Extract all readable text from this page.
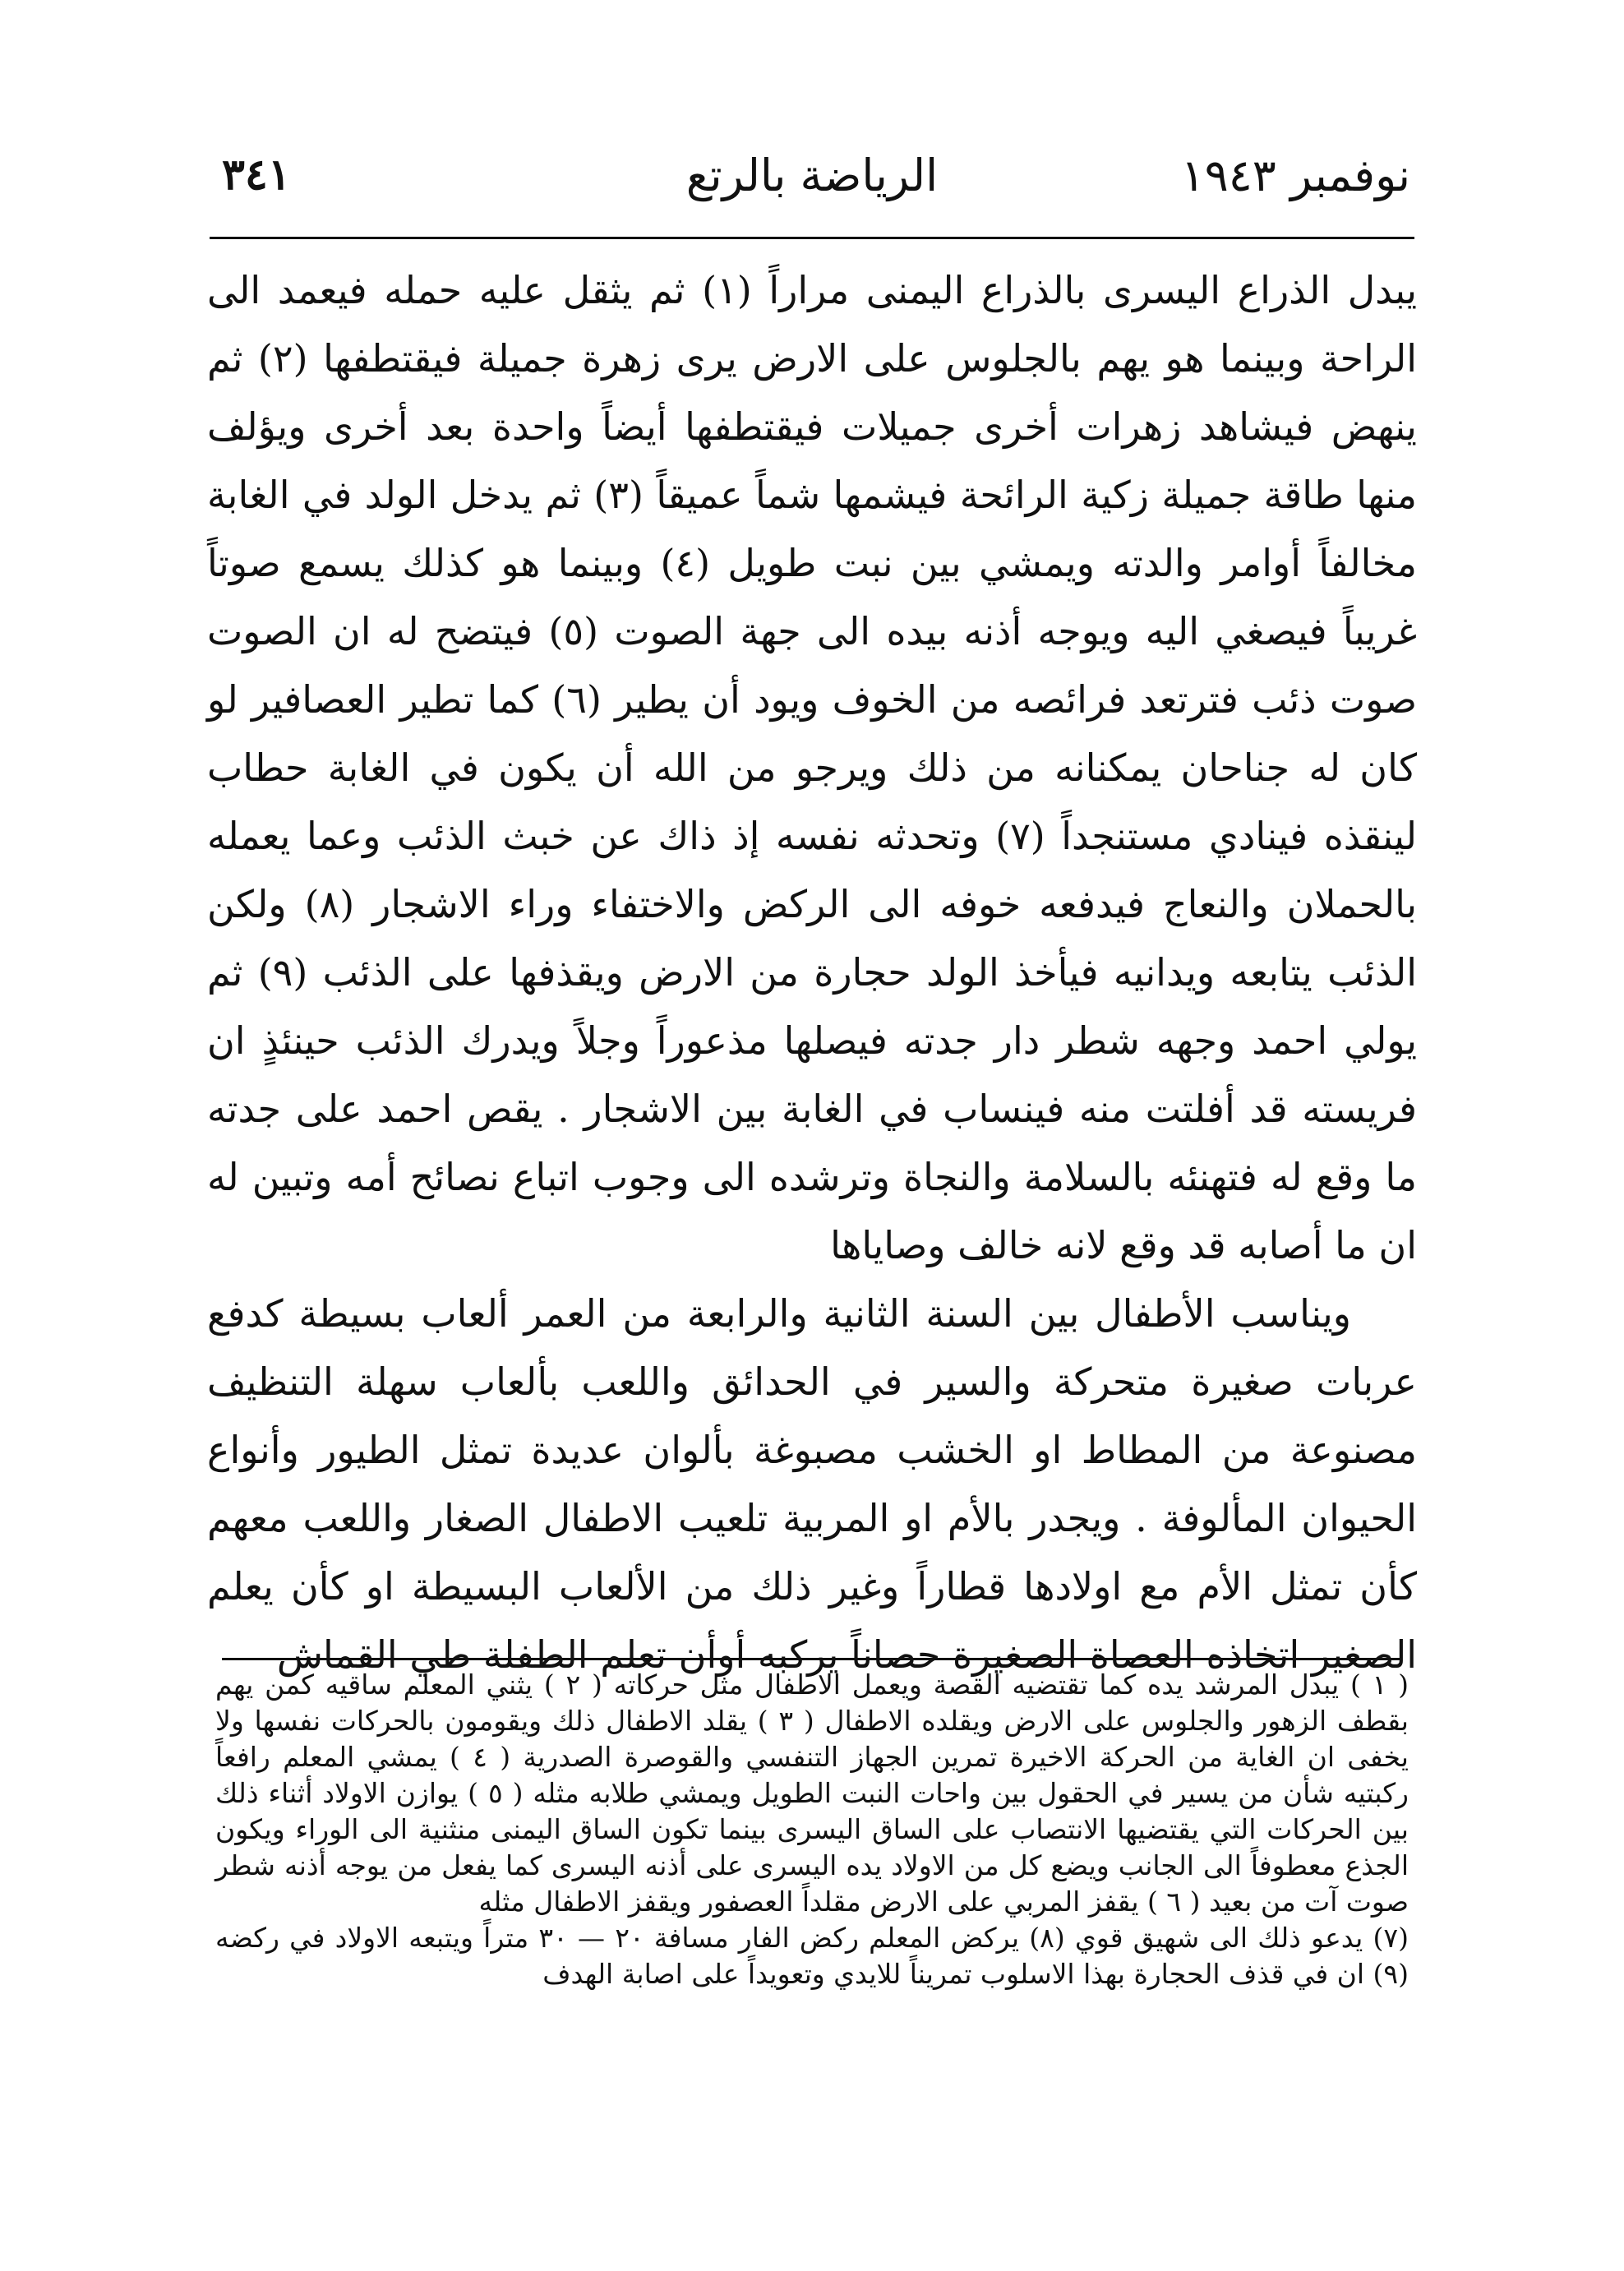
٣٤١	الرياضة بالرتع	نوفمبر ١٩٤٣

يبدل الذراع اليسرى بالذراع اليمنى مراراً (١) ثم يثقل عليه حمله فيعمد الى الراحة وبينما هو يهم بالجلوس على الارض يرى زهرة جميلة فيقتطفها (٢) ثم ينهض فيشاهد زهرات أخرى جميلات فيقتطفها أيضاً واحدة بعد أخرى ويؤلف منها طاقة جميلة زكية الرائحة فيشمها شماً عميقاً (٣) ثم يدخل الولد في الغابة مخالفاً أوامر والدته ويمشي بين نبت طويل (٤) وبينما هو كذلك يسمع صوتاً غريباً فيصغي اليه ويوجه أذنه بيده الى جهة الصوت (٥) فيتضح له ان الصوت صوت ذئب فترتعد فرائصه من الخوف ويود أن يطير (٦) كما تطير العصافير لو كان له جناحان يمكنانه من ذلك ويرجو من الله أن يكون في الغابة حطاب لينقذه فينادي مستنجداً (٧) وتحدثه نفسه إذ ذاك عن خبث الذئب وعما يعمله بالحملان والنعاج فيدفعه خوفه الى الركض والاختفاء وراء الاشجار (٨) ولكن الذئب يتابعه ويدانيه فيأخذ الولد حجارة من الارض ويقذفها على الذئب (٩) ثم يولي احمد وجهه شطر دار جدته فيصلها مذعوراً وجلاً ويدرك الذئب حينئذٍ ان فريسته قد أفلتت منه فينساب في الغابة بين الاشجار . يقص احمد على جدته ما وقع له فتهنئه بالسلامة والنجاة وترشده الى وجوب اتباع نصائح أمه وتبين له ان ما أصابه قد وقع لانه خالف وصاياها

ويناسب الأطفال بين السنة الثانية والرابعة من العمر ألعاب بسيطة كدفع عربات صغيرة متحركة والسير في الحدائق واللعب بألعاب سهلة التنظيف مصنوعة من المطاط او الخشب مصبوغة بألوان عديدة تمثل الطيور وأنواع الحيوان المألوفة . ويجدر بالأم او المربية تلعيب الاطفال الصغار واللعب معهم كأن تمثل الأم مع اولادها قطاراً وغير ذلك من الألعاب البسيطة او كأن يعلم الصغير اتخاذه العصاة الصغيرة حصاناً يركبه أوأن تعلم الطفلة طي القماش

( ١ ) يبدل المرشد يده كما تقتضيه القصة ويعمل الاطفال مثل حركاته ( ٢ ) يثني المعلم ساقيه كمن يهم بقطف الزهور والجلوس على الارض ويقلده الاطفال ( ٣ ) يقلد الاطفال ذلك ويقومون بالحركات نفسها ولا يخفى ان الغاية من الحركة الاخيرة تمرين الجهاز التنفسي والقوصرة الصدرية ( ٤ ) يمشي المعلم رافعاً ركبتيه شأن من يسير في الحقول بين واحات النبت الطويل ويمشي طلابه مثله ( ٥ ) يوازن الاولاد أثناء ذلك بين الحركات التي يقتضيها الانتصاب على الساق اليسرى بينما تكون الساق اليمنى منثنية الى الوراء ويكون الجذع معطوفاً الى الجانب ويضع كل من الاولاد يده اليسرى على أذنه اليسرى كما يفعل من يوجه أذنه شطر صوت آت من بعيد ( ٦ ) يقفز المربي على الارض مقلداً العصفور ويقفز الاطفال مثله

(٧) يدعو ذلك الى شهيق قوي (٨) يركض المعلم ركض الفار مسافة ٢٠ — ٣٠ متراً ويتبعه الاولاد في ركضه (٩) ان في قذف الحجارة بهذا الاسلوب تمريناً للايدي وتعويداً على اصابة الهدف
